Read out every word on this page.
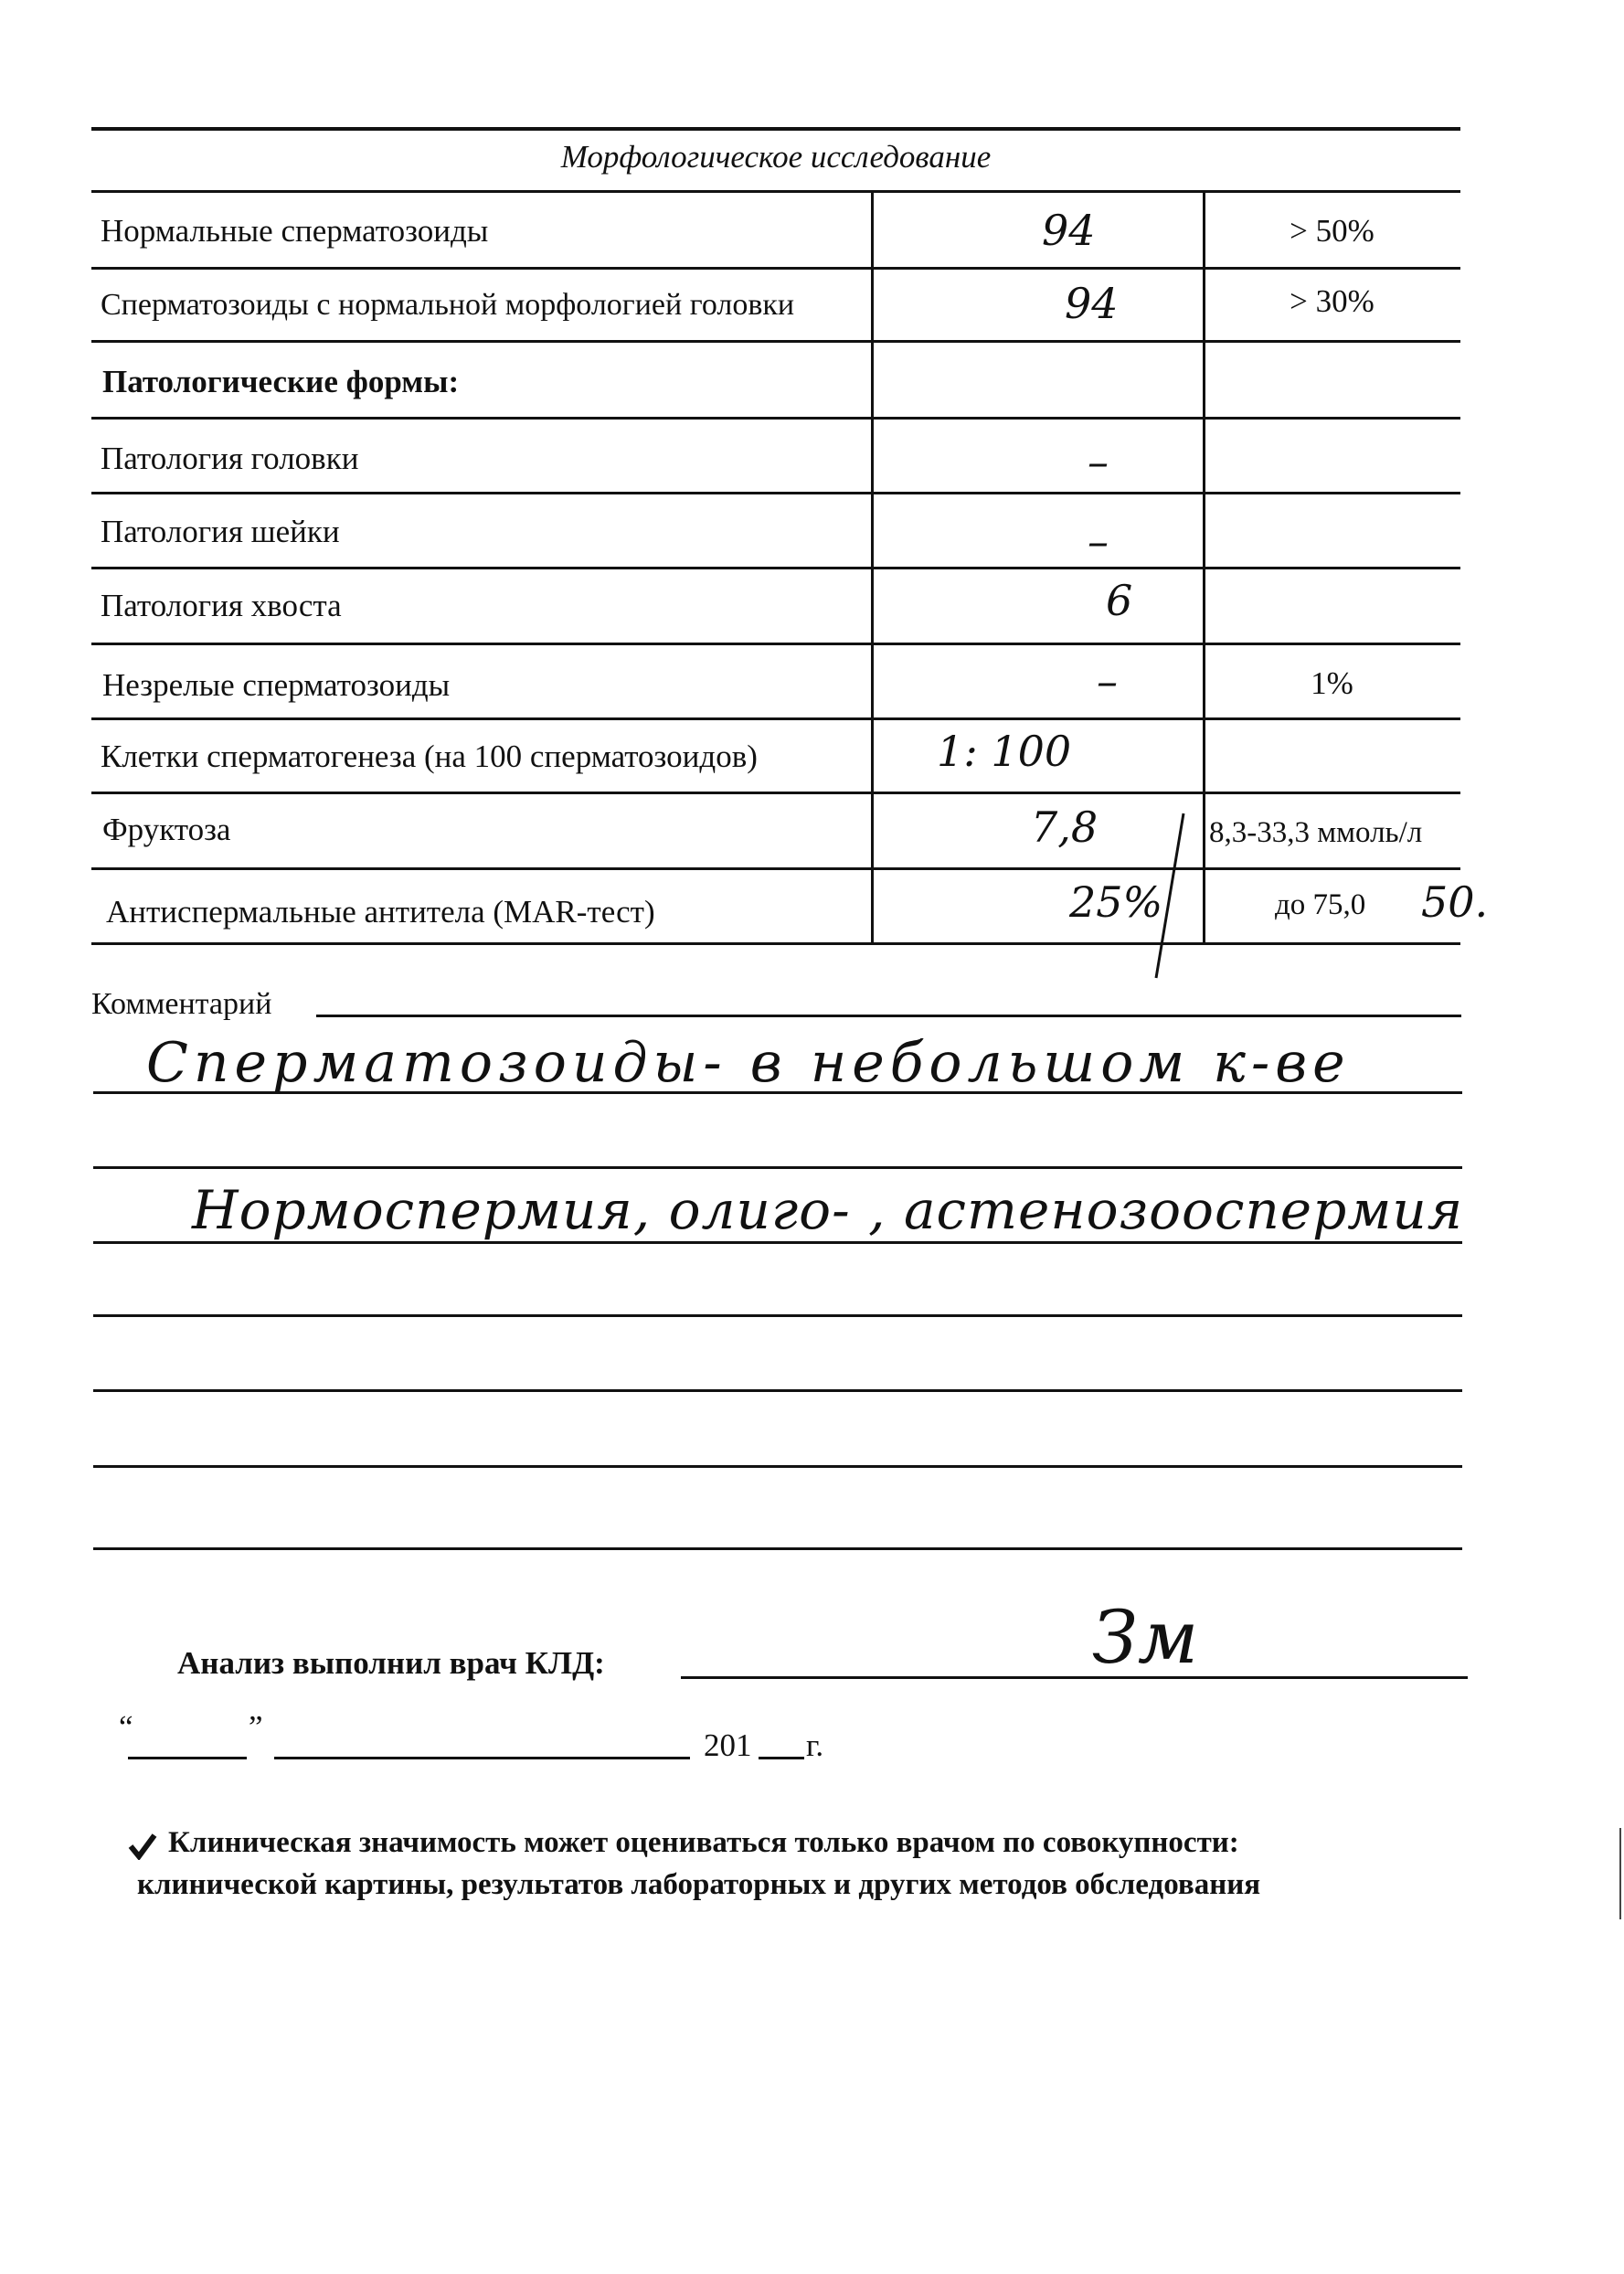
Морфологическое исследование
Нормальные сперматозоиды	94	> 50%
Сперматозоиды с нормальной морфологией головки	94	> 30%
Патологические формы:
Патология головки	–
Патология шейки	–
Патология хвоста	6
Незрелые сперматозоиды	–	1%
Клетки сперматогенеза (на 100 сперматозоидов)	1: 100
Фруктоза	7,8	8,3-33,3 ммоль/л
Антиспермальные антитела (MAR-тест)	25%	до 75,0 50.
Комментарий
Сперматозоиды- в небольшом к-ве
Нормоспермия, олиго- , астенозооспермия
Анализ выполнил врач КЛД:	Зм
“	”
201 г.
Клиническая значимость может оцениваться только врачом по совокупности:
клинической картины, результатов лабораторных и других методов обследования
